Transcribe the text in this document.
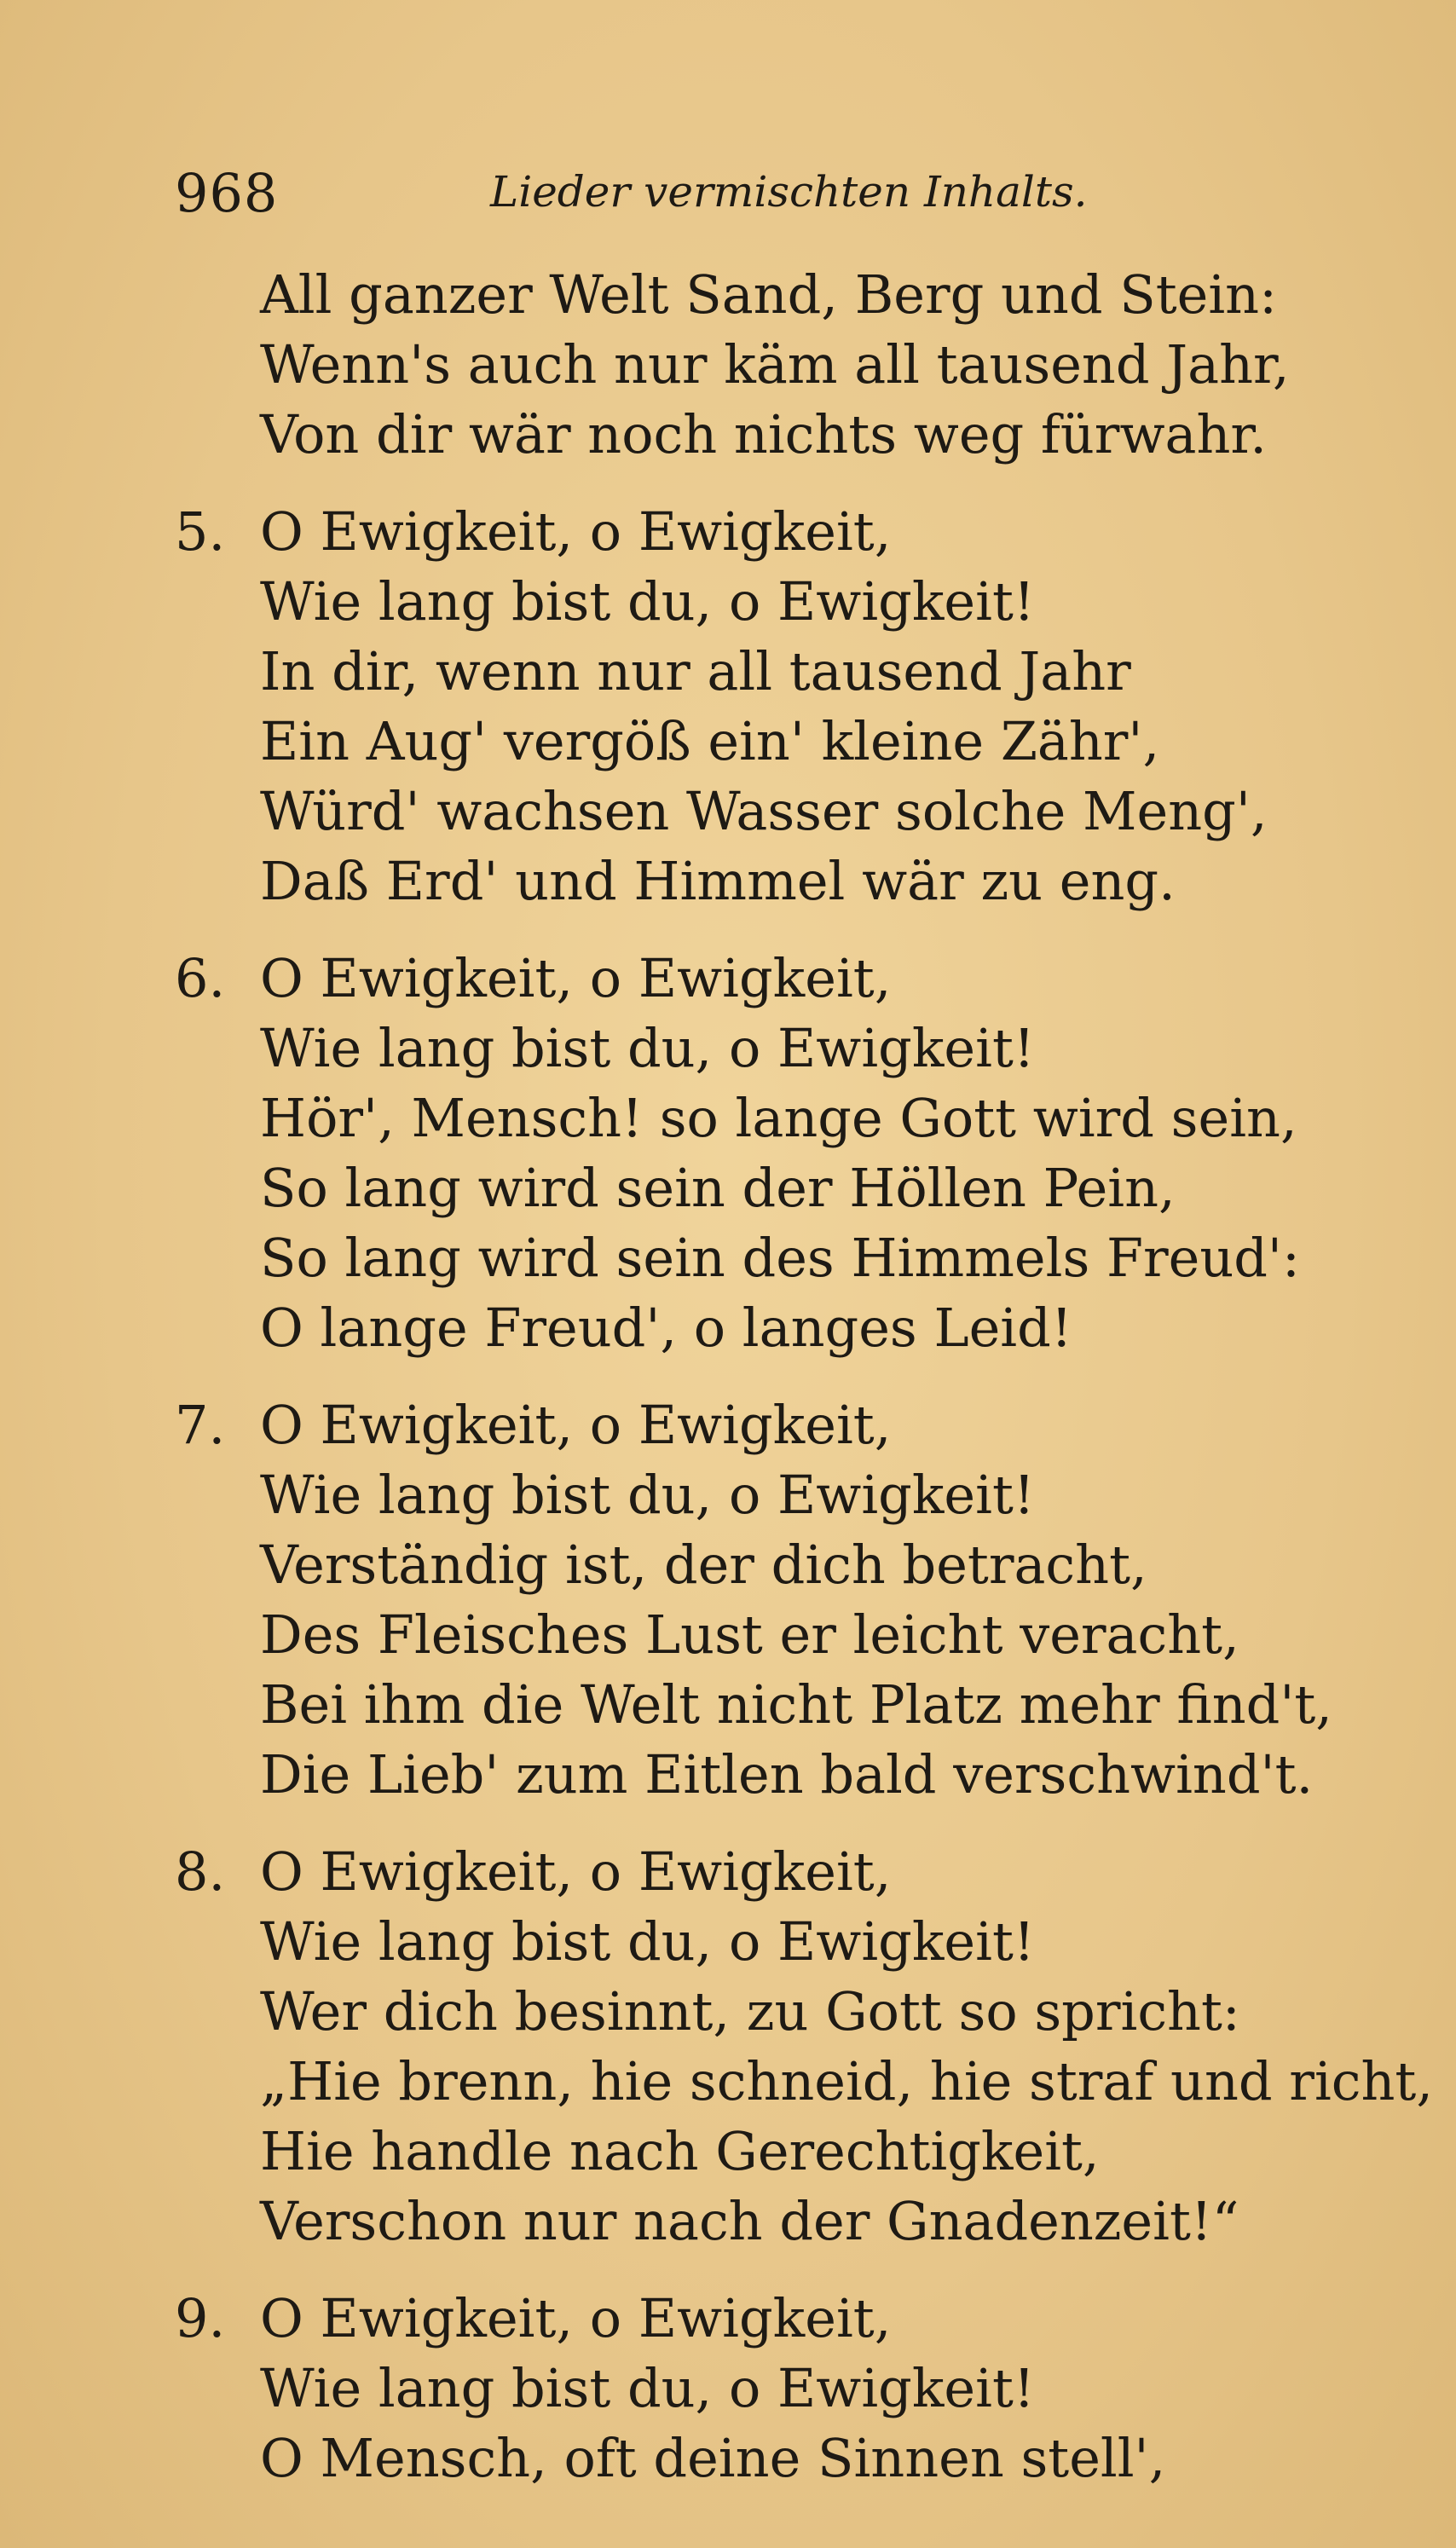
968	Lieder vermischten Inhalts.
All ganzer Welt Sand, Berg und Stein:
Wenn's auch nur käm all tausend Jahr,
Von dir wär noch nichts weg fürwahr.
5. O Ewigkeit, o Ewigkeit,
Wie lang bist du, o Ewigkeit!
In dir, wenn nur all tausend Jahr
Ein Aug' vergöß ein' kleine Zähr',
Würd' wachsen Wasser solche Meng',
Daß Erd' und Himmel wär zu eng.
6. O Ewigkeit, o Ewigkeit,
Wie lang bist du, o Ewigkeit!
Hör', Mensch! so lange Gott wird sein,
So lang wird sein der Höllen Pein,
So lang wird sein des Himmels Freud':
O lange Freud', o langes Leid!
7. O Ewigkeit, o Ewigkeit,
Wie lang bist du, o Ewigkeit!
Verständig ist, der dich betracht,
Des Fleisches Lust er leicht veracht,
Bei ihm die Welt nicht Platz mehr find't,
Die Lieb' zum Eitlen bald verschwind't.
8. O Ewigkeit, o Ewigkeit,
Wie lang bist du, o Ewigkeit!
Wer dich besinnt, zu Gott so spricht:
„Hie brenn, hie schneid, hie straf und richt,
Hie handle nach Gerechtigkeit,
Verschon nur nach der Gnadenzeit!“
9. O Ewigkeit, o Ewigkeit,
Wie lang bist du, o Ewigkeit!
O Mensch, oft deine Sinnen stell',
